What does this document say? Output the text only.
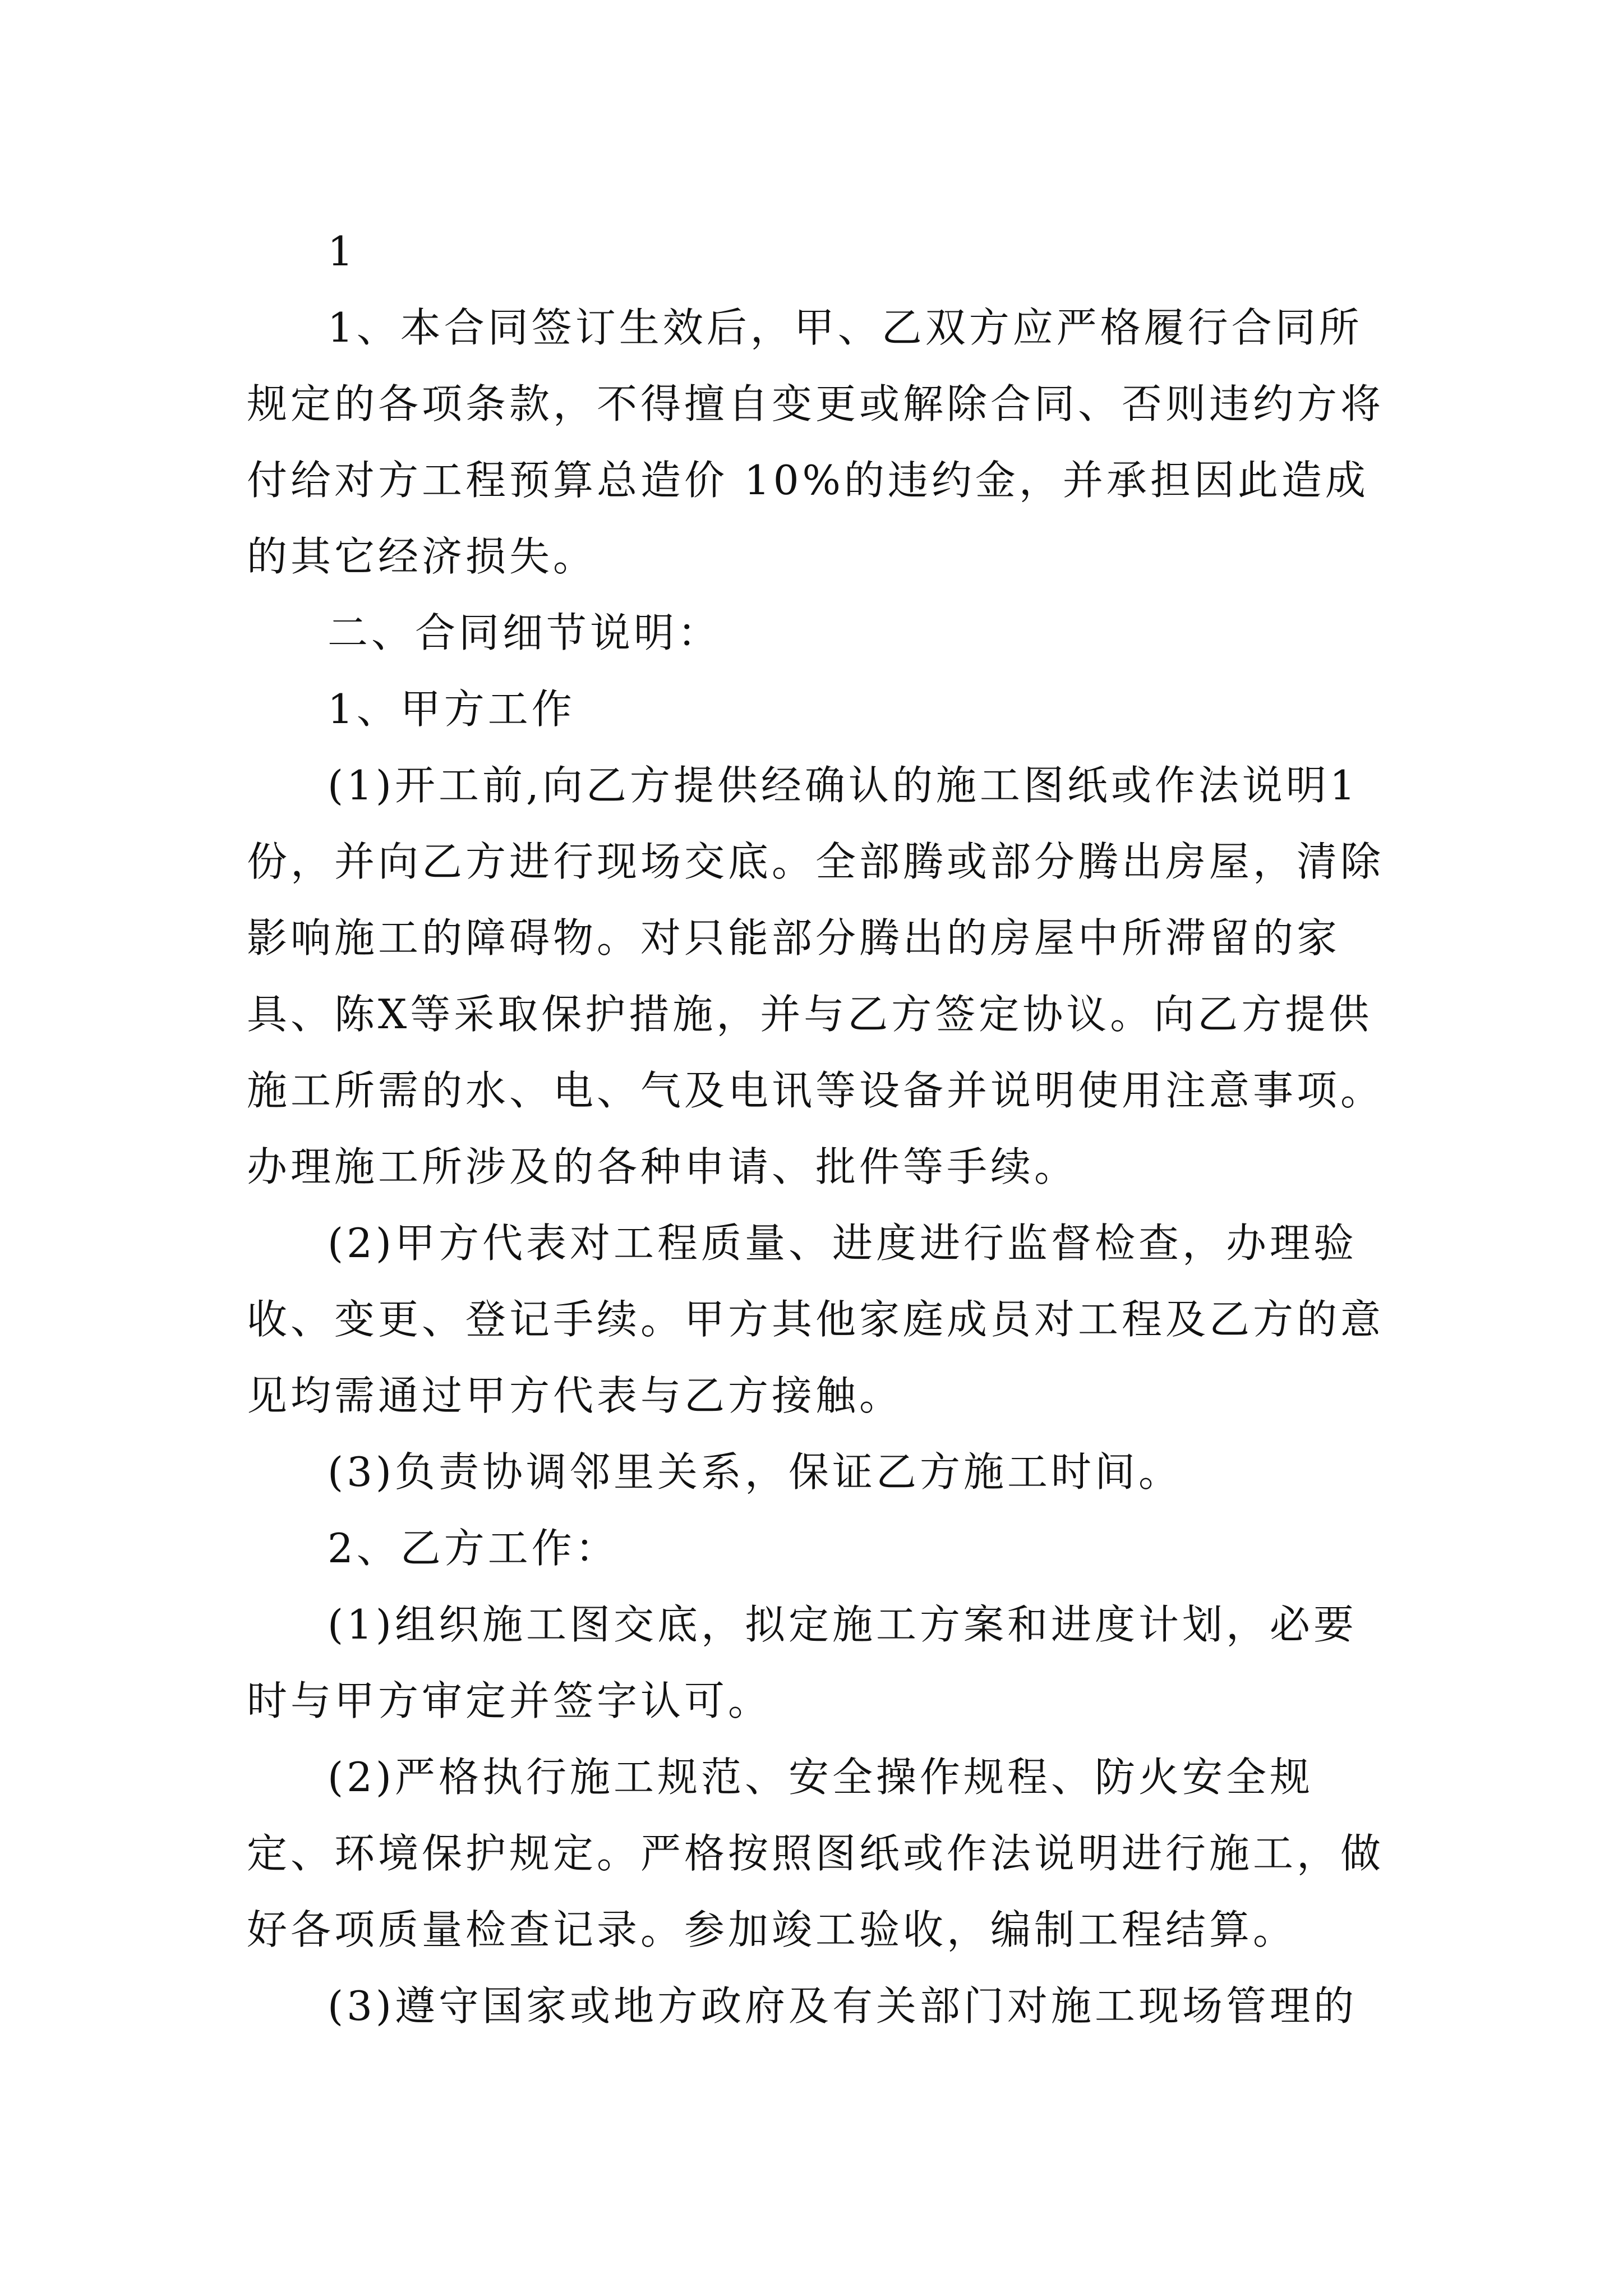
1

1、本合同签订生效后，甲、乙双方应严格履行合同所规定的各项条款，不得擅自变更或解除合同、否则违约方将付给对方工程预算总造价 10%的违约金，并承担因此造成的其它经济损失。

二、合同细节说明：

1、甲方工作

(1)开工前,向乙方提供经确认的施工图纸或作法说明1份，并向乙方进行现场交底。全部腾或部分腾出房屋，清除影响施工的障碍物。对只能部分腾出的房屋中所滞留的家具、陈X等采取保护措施，并与乙方签定协议。向乙方提供施工所需的水、电、气及电讯等设备并说明使用注意事项。办理施工所涉及的各种申请、批件等手续。

(2)甲方代表对工程质量、进度进行监督检查，办理验收、变更、登记手续。甲方其他家庭成员对工程及乙方的意见均需通过甲方代表与乙方接触。

(3)负责协调邻里关系，保证乙方施工时间。

2、乙方工作：

(1)组织施工图交底，拟定施工方案和进度计划，必要时与甲方审定并签字认可。

(2)严格执行施工规范、安全操作规程、防火安全规定、环境保护规定。严格按照图纸或作法说明进行施工，做好各项质量检查记录。参加竣工验收，编制工程结算。

(3)遵守国家或地方政府及有关部门对施工现场管理的
